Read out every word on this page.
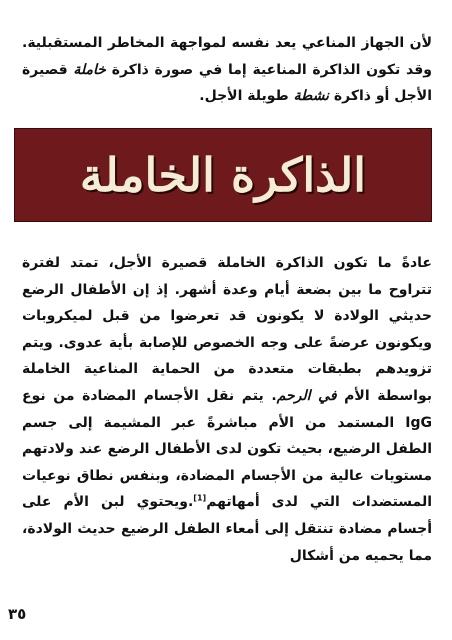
لأن الجهاز المناعي يعد نفسه لمواجهة المخاطر المستقبلية. وقد تكون الذاكرة المناعية إما في صورة ذاكرة خاملة قصيرة الأجل أو ذاكرة نشطة طويلة الأجل.

الذاكرة الخاملة

عادةً ما تكون الذاكرة الخاملة قصيرة الأجل، تمتد لفترة تتراوح ما بين بضعة أيام وعدة أشهر. إذ إن الأطفال الرضع حديثي الولادة لا يكونون قد تعرضوا من قبل لميكروبات ويكونون عرضةً على وجه الخصوص للإصابة بأية عدوى. ويتم تزويدهم بطبقات متعددة من الحماية المناعية الخاملة بواسطة الأم في الرحم. يتم نقل الأجسام المضادة من نوع IgG المستمد من الأم مباشرةً عبر المشيمة إلى جسم الطفل الرضيع، بحيث تكون لدى الأطفال الرضع عند ولادتهم مستويات عالية من الأجسام المضادة، وبنفس نطاق نوعيات المستضدات التي لدى أمهاتهم[1].ويحتوي لبن الأم على أجسام مضادة تنتقل إلى أمعاء الطفل الرضيع حديث الولادة، مما يحميه من أشكال

٣٥
